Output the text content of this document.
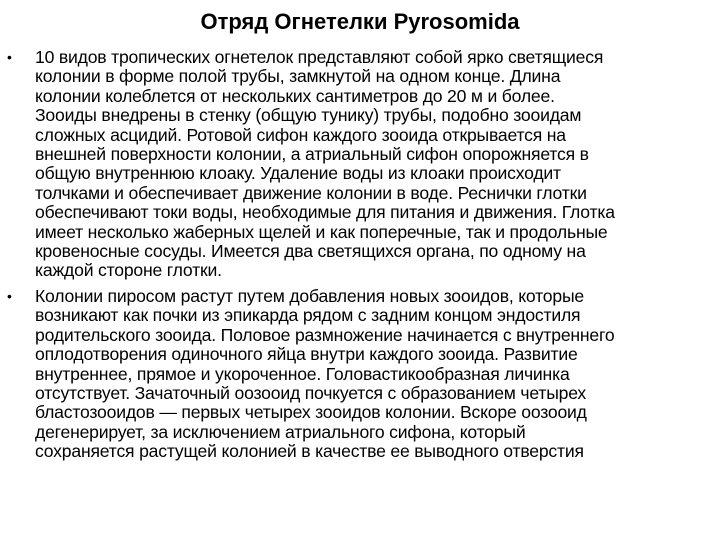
Отряд Огнетелки Pyrosomida
• 10 видов тропических огнетелок представляют собой ярко светящиеся
колонии в форме полой трубы, замкнутой на одном конце. Длина
колонии колеблется от нескольких сантиметров до 20 м и более.
Зооиды внедрены в стенку (общую тунику) трубы, подобно зооидам
сложных асцидий. Ротовой сифон каждого зооида открывается на
внешней поверхности колонии, а атриальный сифон опорожняется в
общую внутреннюю клоаку. Удаление воды из клоаки происходит
толчками и обеспечивает движение колонии в воде. Реснички глотки
обеспечивают токи воды, необходимые для питания и движения. Глотка
имеет несколько жаберных щелей и как поперечные, так и продольные
кровеносные сосуды. Имеется два светящихся органа, по одному на
каждой стороне глотки.
• Колонии пиросом растут путем добавления новых зооидов, которые
возникают как почки из эпикарда рядом с задним концом эндостиля
родительского зооида. Половое размножение начинается с внутреннего
оплодотворения одиночного яйца внутри каждого зооида. Развитие
внутреннее, прямое и укороченное. Головастикообразная личинка
отсутствует. Зачаточный оозооид почкуется с образованием четырех
бластозооидов — первых четырех зооидов колонии. Вскоре оозооид
дегенерирует, за исключением атриального сифона, который
сохраняется растущей колонией в качестве ее выводного отверстия
